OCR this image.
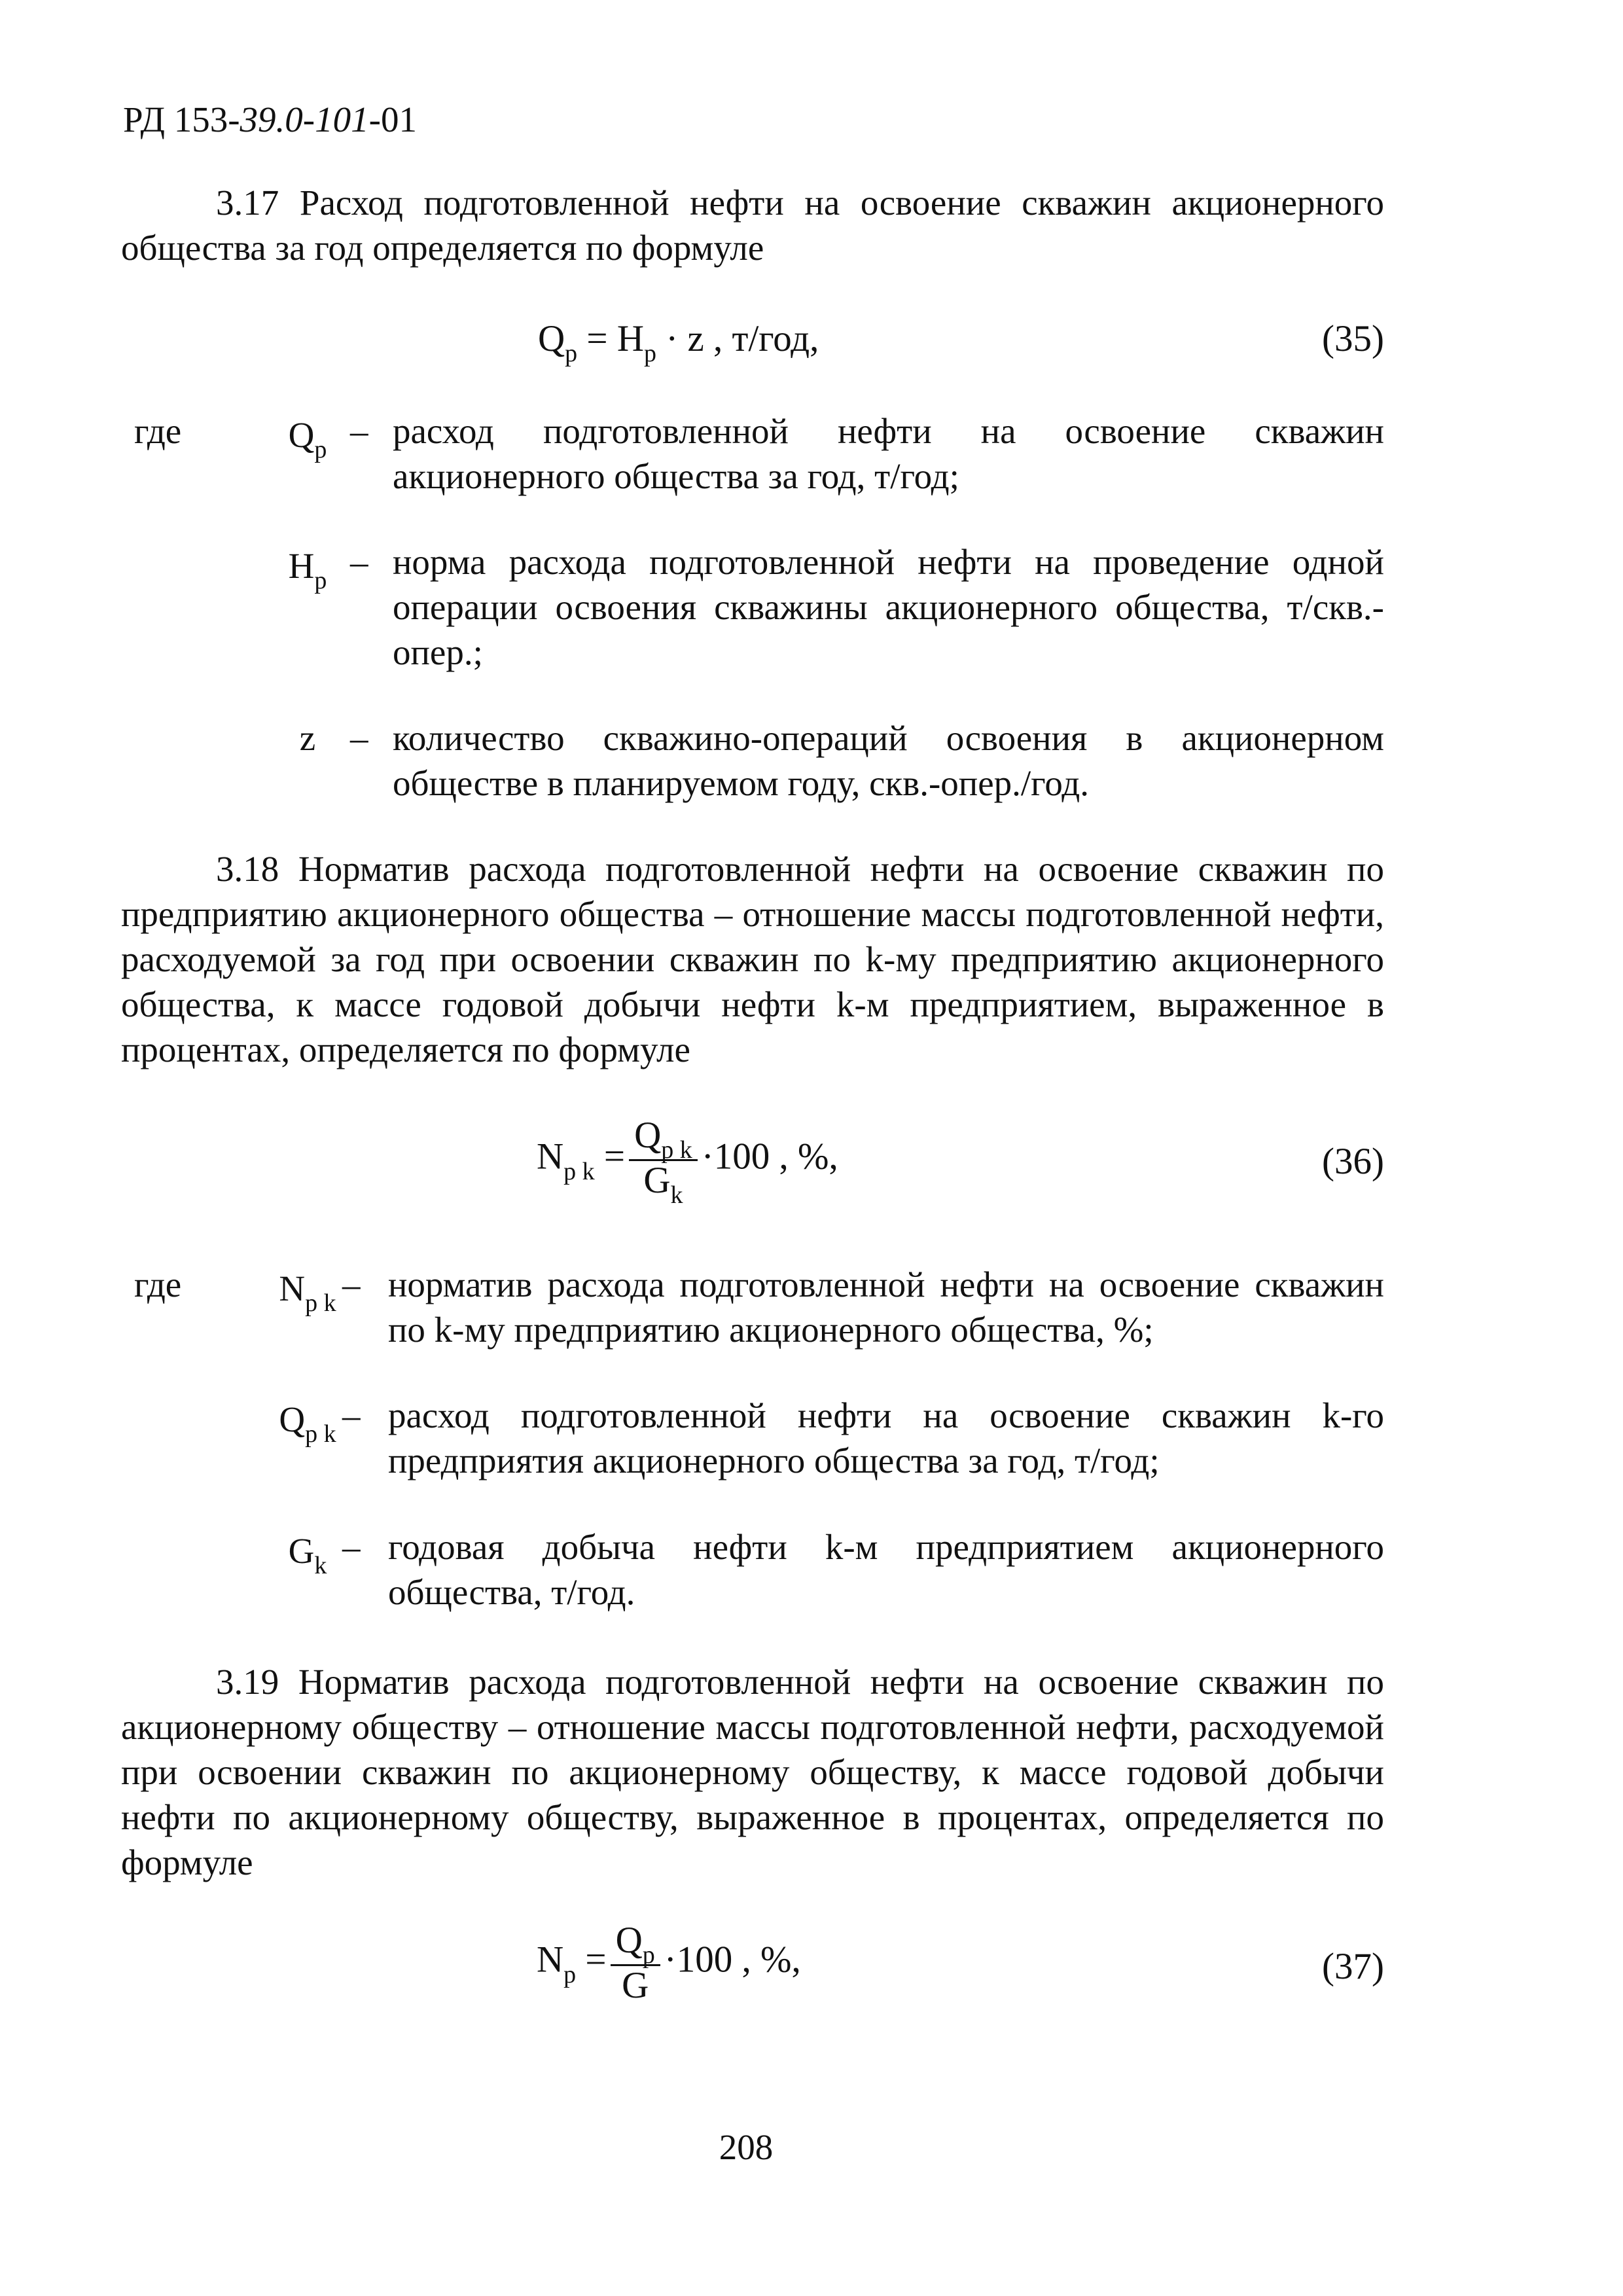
РД 153-39.0-101-01
3.17 Расход подготовленной нефти на освоение скважин акционерного общества за год определяется по формуле
$Q_р = Н_р \cdot z$ , т/год,	(35)
где	$Q_р$ – расход подготовленной нефти на освоение скважин акционерного общества за год, т/год;
$Н_р$ – норма расхода подготовленной нефти на проведение одной операции освоения скважины акционерного общества, т/скв.-опер.;
z – количество скважино-операций освоения в акционерном обществе в планируемом году, скв.-опер./год.
3.18 Норматив расхода подготовленной нефти на освоение скважин по предприятию акционерного общества – отношение массы подготовленной нефти, расходуемой за год при освоении скважин по k-му предприятию акционерного общества, к массе годовой добычи нефти k-м предприятием, выраженное в процентах, определяется по формуле
$N_{р k} = \frac{Q_{р k}}{G_k} \cdot 100$ , %,	(36)
где	$N_{р k}$ – норматив расхода подготовленной нефти на освоение скважин по k-му предприятию акционерного общества, %;
$Q_{р k}$ – расход подготовленной нефти на освоение скважин k-го предприятия акционерного общества за год, т/год;
$G_k$ – годовая добыча нефти k-м предприятием акционерного общества, т/год.
3.19 Норматив расхода подготовленной нефти на освоение скважин по акционерному обществу – отношение массы подготовленной нефти, расходуемой при освоении скважин по акционерному обществу, к массе годовой добычи нефти по акционерному обществу, выраженное в процентах, определяется по формуле
$N_р = \frac{Q_р}{G} \cdot 100$ , %,	(37)
208
